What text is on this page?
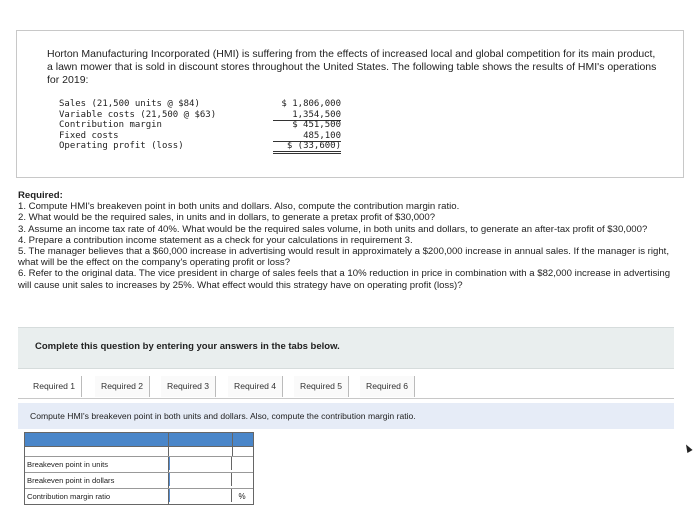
Horton Manufacturing Incorporated (HMI) is suffering from the effects of increased local and global competition for its main product, a lawn mower that is sold in discount stores throughout the United States. The following table shows the results of HMI's operations for 2019:
Sales (21,500 units @ $84)	$ 1,806,000
Variable costs (21,500 @ $63)	1,354,500
Contribution margin	$ 451,500
Fixed costs	485,100
Operating profit (loss)	$ (33,600)
Required:
1. Compute HMI's breakeven point in both units and dollars. Also, compute the contribution margin ratio.
2. What would be the required sales, in units and in dollars, to generate a pretax profit of $30,000?
3. Assume an income tax rate of 40%. What would be the required sales volume, in both units and dollars, to generate an after-tax profit of $30,000?
4. Prepare a contribution income statement as a check for your calculations in requirement 3.
5. The manager believes that a $60,000 increase in advertising would result in approximately a $200,000 increase in annual sales. If the manager is right, what will be the effect on the company's operating profit or loss?
6. Refer to the original data. The vice president in charge of sales feels that a 10% reduction in price in combination with a $82,000 increase in advertising will cause unit sales to increases by 25%. What effect would this strategy have on operating profit (loss)?
Complete this question by entering your answers in the tabs below.
Required 1	Required 2	Required 3	Required 4	Required 5	Required 6
Compute HMI's breakeven point in both units and dollars. Also, compute the contribution margin ratio.
Breakeven point in units
Breakeven point in dollars
Contribution margin ratio	%
